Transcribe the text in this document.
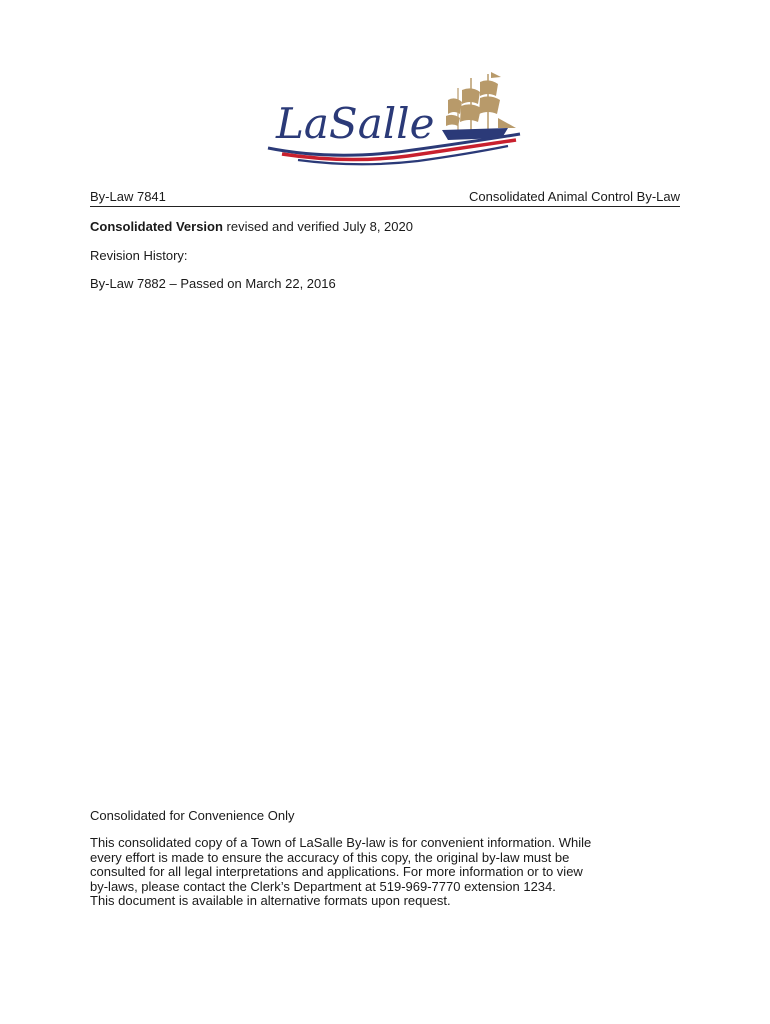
LaSalle
By-Law 7841	Consolidated Animal Control By-Law
Consolidated Version revised and verified July 8, 2020
Revision History:
By-Law 7882 – Passed on March 22, 2016
Consolidated for Convenience Only
This consolidated copy of a Town of LaSalle By-law is for convenient information. While
every effort is made to ensure the accuracy of this copy, the original by-law must be
consulted for all legal interpretations and applications. For more information or to view
by-laws, please contact the Clerk’s Department at 519-969-7770 extension 1234.
This document is available in alternative formats upon request.
